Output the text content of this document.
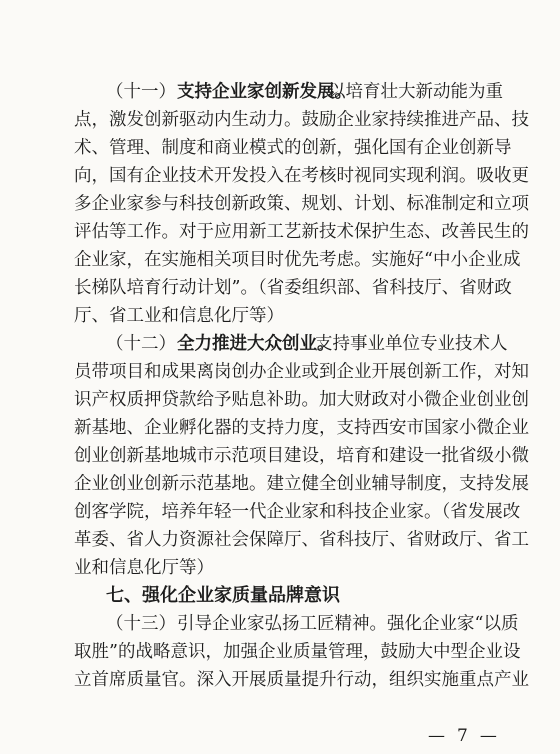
（十一） 支持企业家创新发展。
以培育壮大新动能为重
点，激发创新驱动内生动力。鼓励企业家持续推进产品、技
术、管理、制度和商业模式的创新，强化国有企业创新导
向，国有企业技术开发投入在考核时视同实现利润。吸收更
多企业家参与科技创新政策、规划、计划、标准制定和立项
评估等工作。对于应用新工艺新技术保护生态、改善民生的
企业家，在实施相关项目时优先考虑。实施好“中小企业成
长梯队培育行动计划”。（省委组织部、省科技厅、省财政
厅、省工业和信息化厅等）
（十二） 全力推进大众创业。
支持事业单位专业技术人
员带项目和成果离岗创办企业或到企业开展创新工作，对知
识产权质押贷款给予贴息补助。加大财政对小微企业创业创
新基地、企业孵化器的支持力度，支持西安市国家小微企业
创业创新基地城市示范项目建设，培育和建设一批省级小微
企业创业创新示范基地。建立健全创业辅导制度，支持发展
创客学院，培养年轻一代企业家和科技企业家。（省发展改
革委、省人力资源社会保障厅、省科技厅、省财政厅、省工
业和信息化厅等）
七、强化企业家质量品牌意识
（十三） 引导企业家弘扬工匠精神。强化企业家“以质
取胜”的战略意识，加强企业质量管理，鼓励大中型企业设
立首席质量官。深入开展质量提升行动，组织实施重点产业
— 7 —
